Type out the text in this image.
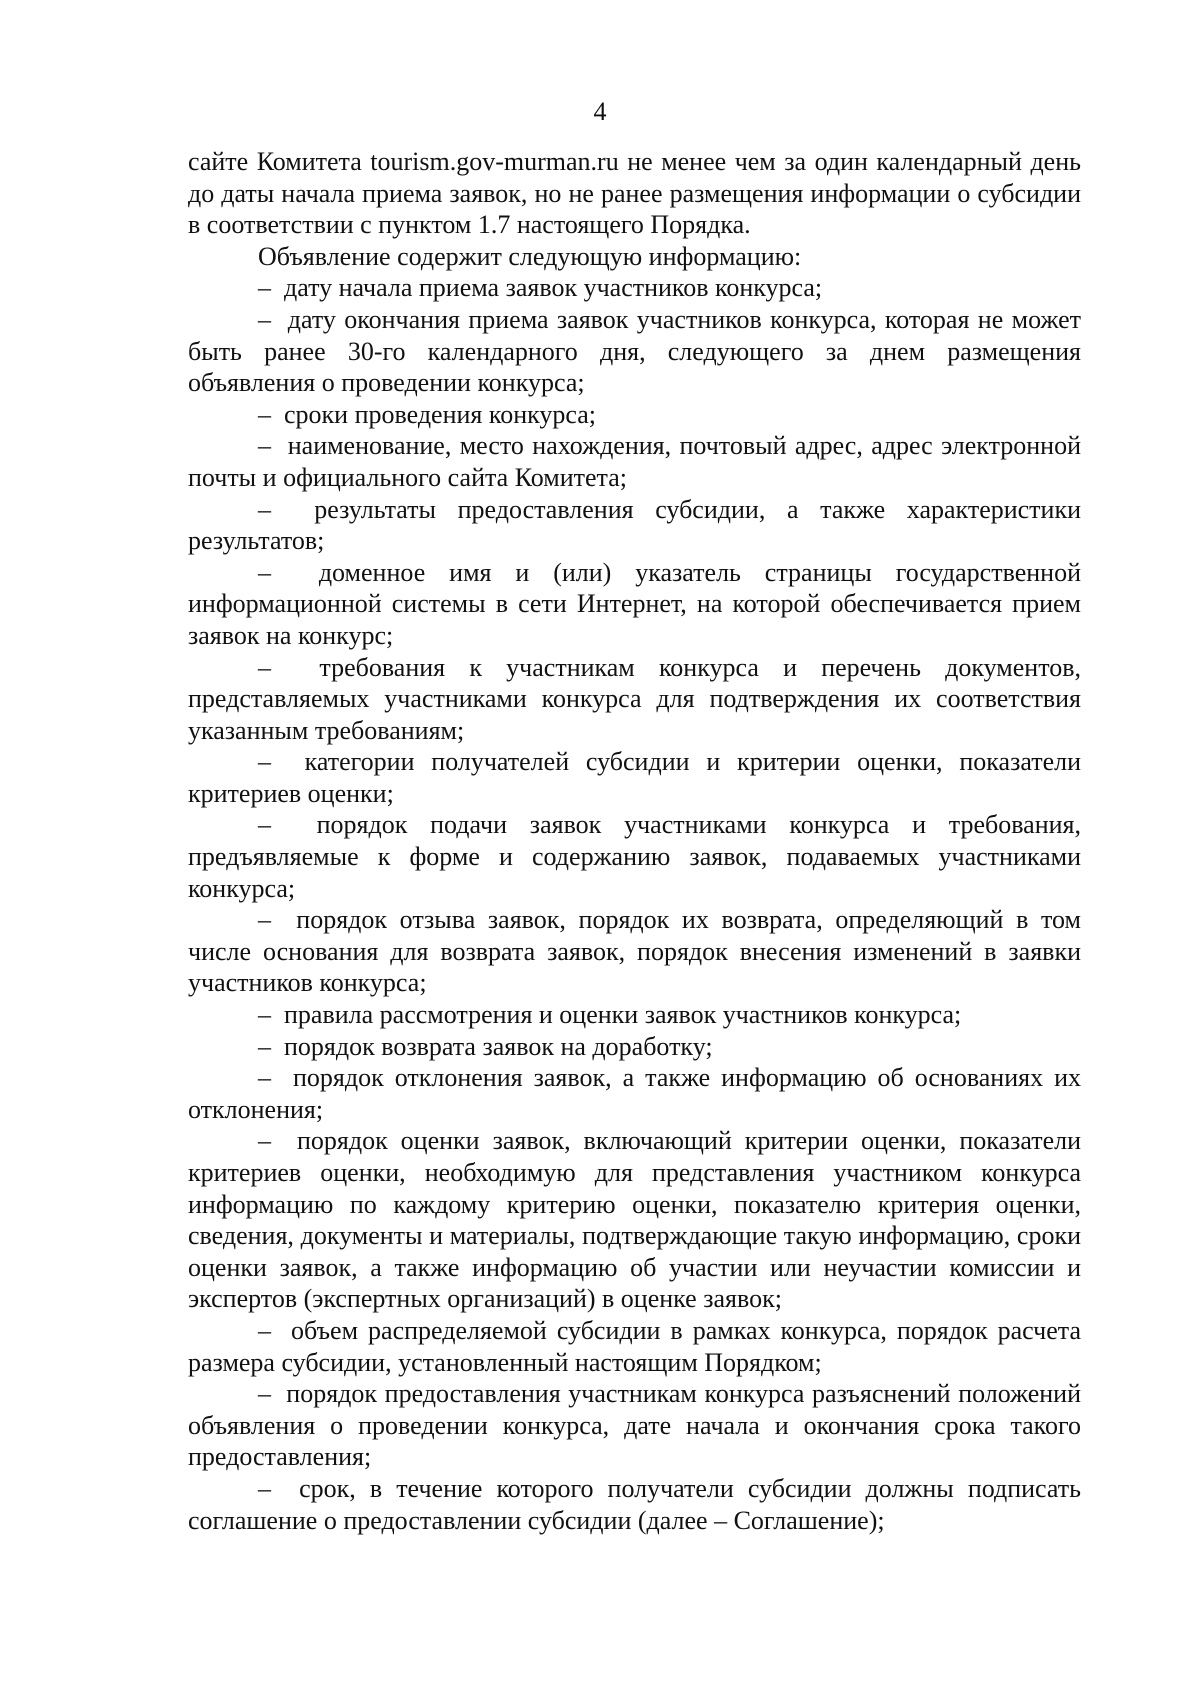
4

сайте Комитета tourism.gov-murman.ru не менее чем за один календарный день до даты начала приема заявок, но не ранее размещения информации о субсидии в соответствии с пунктом 1.7 настоящего Порядка.

Объявление содержит следующую информацию:

–  дату начала приема заявок участников конкурса;

–  дату окончания приема заявок участников конкурса, которая не может быть ранее 30-го календарного дня, следующего за днем размещения объявления о проведении конкурса;

–  сроки проведения конкурса;

–  наименование, место нахождения, почтовый адрес, адрес электронной почты и официального сайта Комитета;

–  результаты предоставления субсидии, а также характеристики результатов;

–  доменное имя и (или) указатель страницы государственной информационной системы в сети Интернет, на которой обеспечивается прием заявок на конкурс;

–  требования к участникам конкурса и перечень документов, представляемых участниками конкурса для подтверждения их соответствия указанным требованиям;

–  категории получателей субсидии и критерии оценки, показатели критериев оценки;

–  порядок подачи заявок участниками конкурса и требования, предъявляемые к форме и содержанию заявок, подаваемых участниками конкурса;

–  порядок отзыва заявок, порядок их возврата, определяющий в том числе основания для возврата заявок, порядок внесения изменений в заявки участников конкурса;

–  правила рассмотрения и оценки заявок участников конкурса;

–  порядок возврата заявок на доработку;

–  порядок отклонения заявок, а также информацию об основаниях их отклонения;

–  порядок оценки заявок, включающий критерии оценки, показатели критериев оценки, необходимую для представления участником конкурса информацию по каждому критерию оценки, показателю критерия оценки, сведения, документы и материалы, подтверждающие такую информацию, сроки оценки заявок, а также информацию об участии или неучастии комиссии и экспертов (экспертных организаций) в оценке заявок;

–  объем распределяемой субсидии в рамках конкурса, порядок расчета размера субсидии, установленный настоящим Порядком;

–  порядок предоставления участникам конкурса разъяснений положений объявления о проведении конкурса, дате начала и окончания срока такого предоставления;

–  срок, в течение которого получатели субсидии должны подписать соглашение о предоставлении субсидии (далее – Соглашение);
